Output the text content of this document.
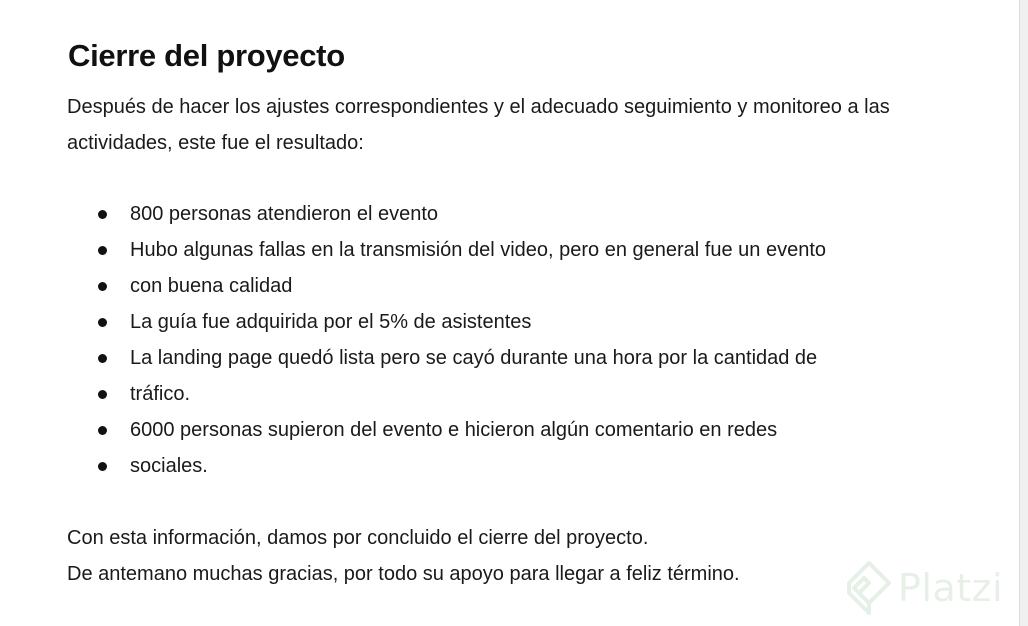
Cierre del proyecto

Después de hacer los ajustes correspondientes y el adecuado seguimiento y monitoreo a las actividades, este fue el resultado:

800 personas atendieron el evento
Hubo algunas fallas en la transmisión del video, pero en general fue un evento
con buena calidad
La guía fue adquirida por el 5% de asistentes
La landing page quedó lista pero se cayó durante una hora por la cantidad de
tráfico.
6000 personas supieron del evento e hicieron algún comentario en redes
sociales.

Con esta información, damos por concluido el cierre del proyecto.

De antemano muchas gracias, por todo su apoyo para llegar a feliz término.	Platzi
